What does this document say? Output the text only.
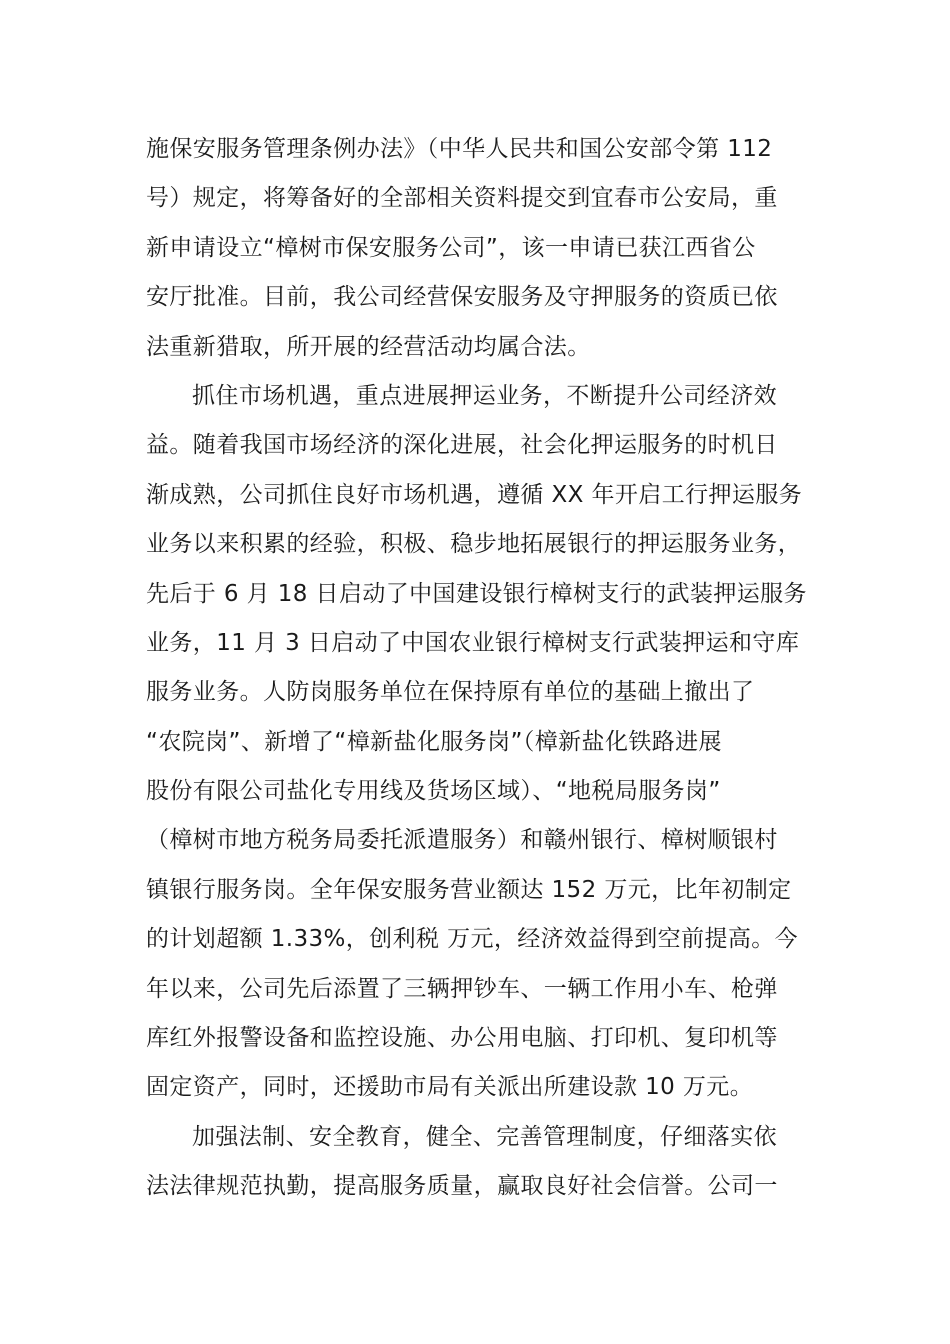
施保安服务管理条例办法》（中华人民共和国公安部令第 112
号）规定，将筹备好的全部相关资料提交到宜春市公安局，重
新申请设立“樟树市保安服务公司”，该一申请已获江西省公
安厅批准。目前，我公司经营保安服务及守押服务的资质已依
法重新猎取，所开展的经营活动均属合法。
抓住市场机遇，重点进展押运业务，不断提升公司经济效
益。随着我国市场经济的深化进展，社会化押运服务的时机日
渐成熟，公司抓住良好市场机遇，遵循 XX 年开启工行押运服务
业务以来积累的经验，积极、稳步地拓展银行的押运服务业务，
先后于 6 月 18 日启动了中国建设银行樟树支行的武装押运服务
业务，11 月 3 日启动了中国农业银行樟树支行武装押运和守库
服务业务。人防岗服务单位在保持原有单位的基础上撤出了
“农院岗”、新增了“樟新盐化服务岗”（樟新盐化铁路进展
股份有限公司盐化专用线及货场区域）、“地税局服务岗”
（樟树市地方税务局委托派遣服务）和赣州银行、樟树顺银村
镇银行服务岗。全年保安服务营业额达 152 万元，比年初制定
的计划超额 1.33%，创利税 万元，经济效益得到空前提高。今
年以来，公司先后添置了三辆押钞车、一辆工作用小车、枪弹
库红外报警设备和监控设施、办公用电脑、打印机、复印机等
固定资产，同时，还援助市局有关派出所建设款 10 万元。
加强法制、安全教育，健全、完善管理制度，仔细落实依
法法律规范执勤，提高服务质量，赢取良好社会信誉。公司一
